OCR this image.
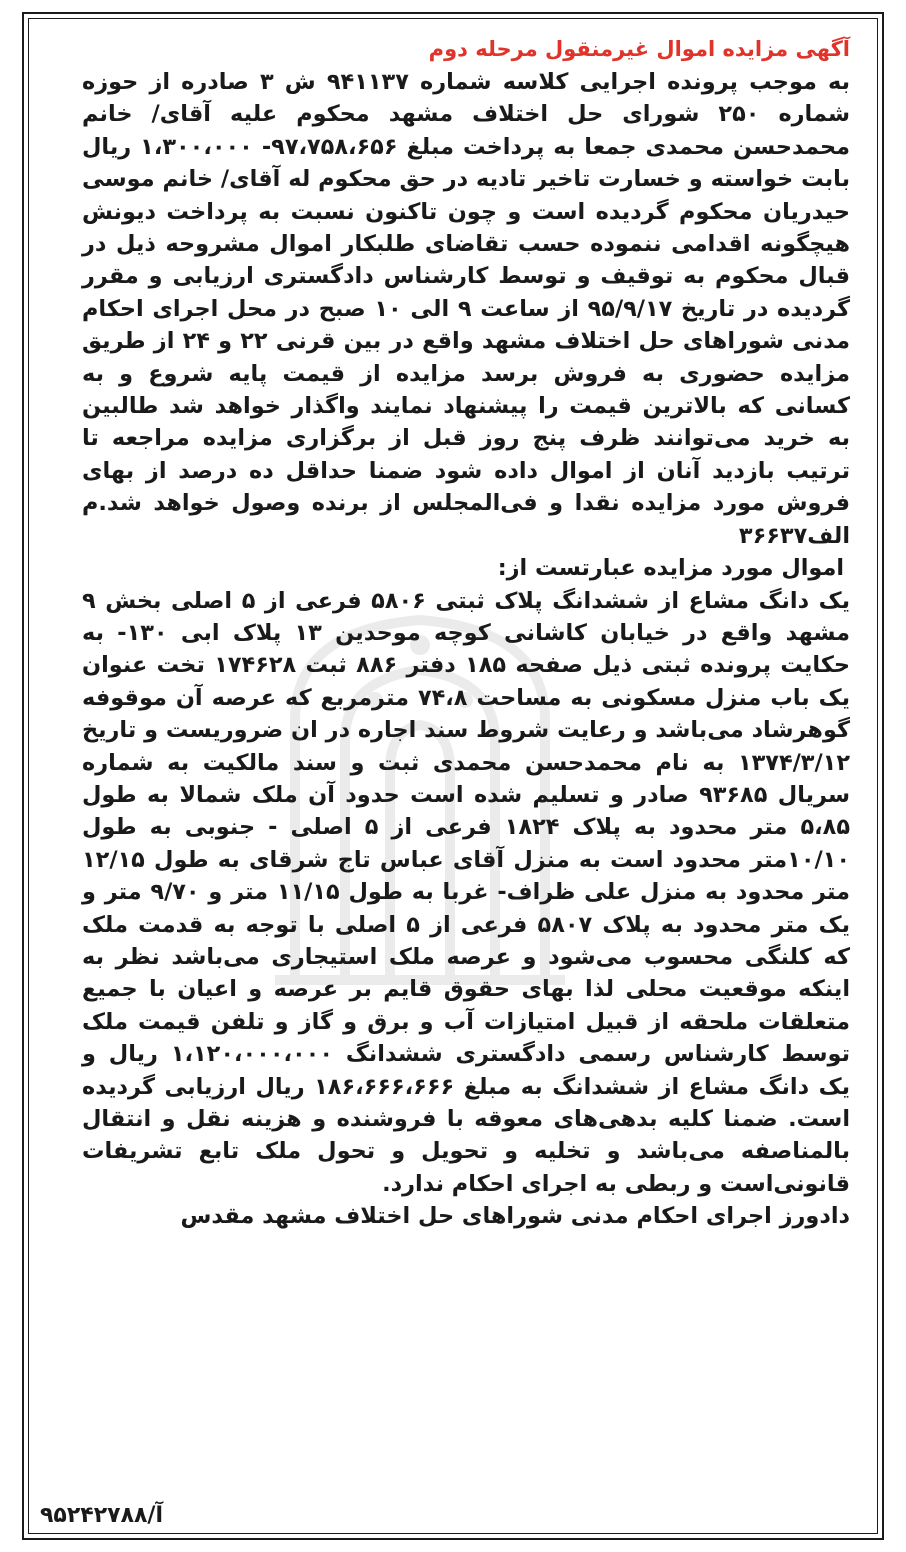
آگهی مزایده اموال غیرمنقول مرحله دوم

به موجب پرونده اجرایی کلاسه شماره ۹۴۱۱۳۷ ش ۳ صادره از حوزه شماره ۲۵۰ شورای حل اختلاف مشهد محکوم علیه آقای/ خانم محمدحسن محمدی جمعا به پرداخت مبلغ ۹۷،۷۵۸،۶۵۶- ۱،۳۰۰،۰۰۰ ریال بابت خواسته و خسارت تاخیر تادیه در حق محکوم له آقای/ خانم موسی حیدریان محکوم گردیده است و چون تاکنون نسبت به پرداخت دیونش هیچگونه اقدامی ننموده حسب تقاضای طلبکار اموال مشروحه ذیل در قبال محکوم به توقیف و توسط کارشناس دادگستری ارزیابی و مقرر گردیده در تاریخ ۹۵/۹/۱۷ از ساعت ۹ الی ۱۰ صبح در محل اجرای احکام مدنی شوراهای حل اختلاف مشهد واقع در بین قرنی ۲۲ و ۲۴ از طریق مزایده حضوری به فروش برسد مزایده از قیمت پایه شروع و به کسانی که بالاترین قیمت را پیشنهاد نمایند واگذار خواهد شد طالبین به خرید می‌توانند ظرف پنج روز قبل از برگزاری مزایده مراجعه تا ترتیب بازدید آنان از اموال داده شود ضمنا حداقل ده درصد از بهای فروش مورد مزایده نقدا و فی‌المجلس از برنده وصول خواهد شد.م الف۳۶۶۳۷

اموال مورد مزایده عبارتست از:

یک دانگ مشاع از ششدانگ پلاک ثبتی ۵۸۰۶ فرعی از ۵ اصلی بخش ۹ مشهد واقع در خیابان کاشانی کوچه موحدین ۱۳ پلاک ابی ۱۳۰- به حکایت پرونده ثبتی ذیل صفحه ۱۸۵ دفتر ۸۸۶ ثبت ۱۷۴۶۲۸ تخت عنوان یک باب منزل مسکونی به مساحت ۷۴،۸ مترمربع که عرصه آن موقوفه گوهرشاد می‌باشد و رعایت شروط سند اجاره در ان ضروریست و تاریخ ۱۳۷۴/۳/۱۲ به نام محمدحسن محمدی ثبت و سند مالکیت به شماره سریال ۹۳۶۸۵ صادر و تسلیم شده است حدود آن ملک شمالا به طول ۵،۸۵ متر محدود به پلاک ۱۸۲۴ فرعی از ۵ اصلی - جنوبی به طول ۱۰/۱۰متر محدود است به منزل آقای عباس تاج شرقای به طول ۱۲/۱۵ متر محدود به منزل علی ظراف- غربا به طول ۱۱/۱۵ متر و ۹/۷۰ متر و یک متر محدود به پلاک ۵۸۰۷ فرعی از ۵ اصلی با توجه به قدمت ملک که کلنگی محسوب می‌شود و عرصه ملک استیجاری می‌باشد نظر به اینکه موقعیت محلی لذا بهای حقوق قایم بر عرصه و اعیان با جمیع متعلقات ملحقه از قبیل امتیازات آب و برق و گاز و تلفن قیمت ملک توسط کارشناس رسمی دادگستری ششدانگ ۱،۱۲۰،۰۰۰،۰۰۰ ریال و یک دانگ مشاع از ششدانگ به مبلغ ۱۸۶،۶۶۶،۶۶۶ ریال ارزیابی گردیده است. ضمنا کلیه بدهی‌های معوقه با فروشنده و هزینه نقل و انتقال بالمناصفه می‌باشد و تخلیه و تحویل و تحول ملک تابع تشریفات قانونی‌است و ربطی به اجرای احکام ندارد.

دادورز اجرای احکام مدنی شوراهای حل اختلاف مشهد مقدس

آ/۹۵۲۴۲۷۸۸
